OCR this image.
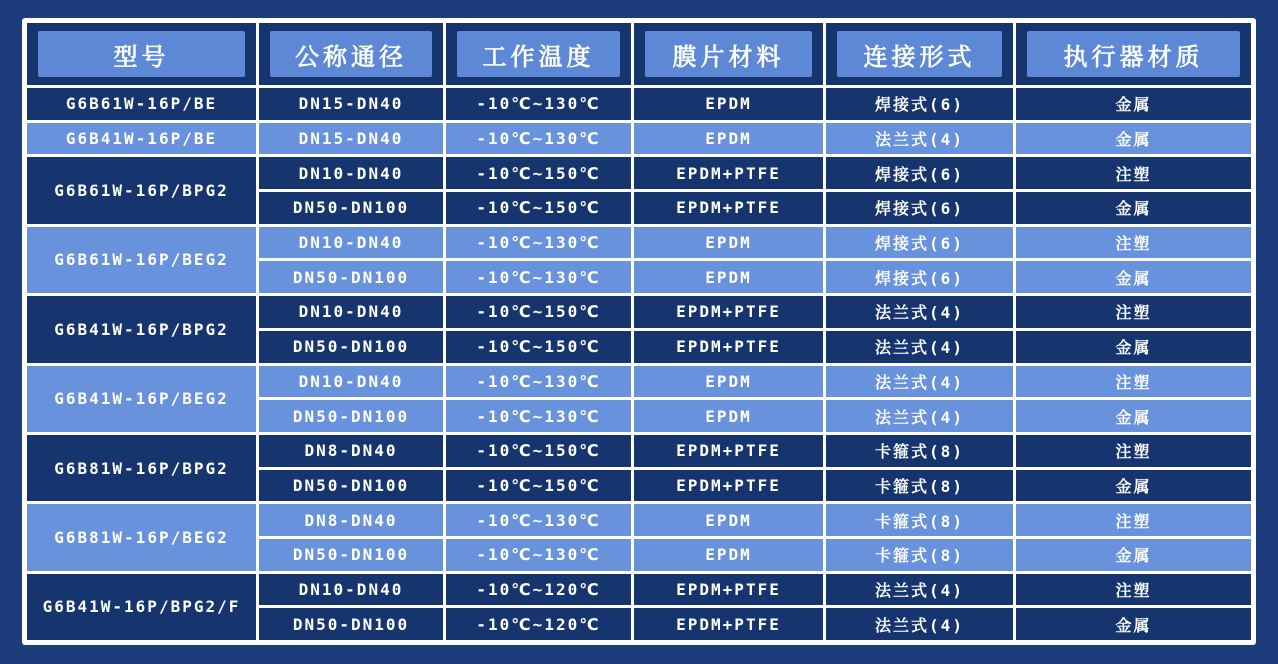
型号	公称通径	工作温度	膜片材料	连接形式	执行器材质

G6B61W-16P/BE	DN15-DN40	-10℃~130℃	EPDM	焊接式(6)	金属
G6B41W-16P/BE	DN15-DN40	-10℃~130℃	EPDM	法兰式(4)	金属
G6B61W-16P/BPG2	DN10-DN40	-10℃~150℃	EPDM+PTFE	焊接式(6)	注塑
	DN50-DN100	-10℃~150℃	EPDM+PTFE	焊接式(6)	金属
G6B61W-16P/BEG2	DN10-DN40	-10℃~130℃	EPDM	焊接式(6)	注塑
	DN50-DN100	-10℃~130℃	EPDM	焊接式(6)	金属
G6B41W-16P/BPG2	DN10-DN40	-10℃~150℃	EPDM+PTFE	法兰式(4)	注塑
	DN50-DN100	-10℃~150℃	EPDM+PTFE	法兰式(4)	金属
G6B41W-16P/BEG2	DN10-DN40	-10℃~130℃	EPDM	法兰式(4)	注塑
	DN50-DN100	-10℃~130℃	EPDM	法兰式(4)	金属
G6B81W-16P/BPG2	DN8-DN40	-10℃~150℃	EPDM+PTFE	卡箍式(8)	注塑
	DN50-DN100	-10℃~150℃	EPDM+PTFE	卡箍式(8)	金属
G6B81W-16P/BEG2	DN8-DN40	-10℃~130℃	EPDM	卡箍式(8)	注塑
	DN50-DN100	-10℃~130℃	EPDM	卡箍式(8)	金属
G6B41W-16P/BPG2/F	DN10-DN40	-10℃~120℃	EPDM+PTFE	法兰式(4)	注塑
	DN50-DN100	-10℃~120℃	EPDM+PTFE	法兰式(4)	金属
